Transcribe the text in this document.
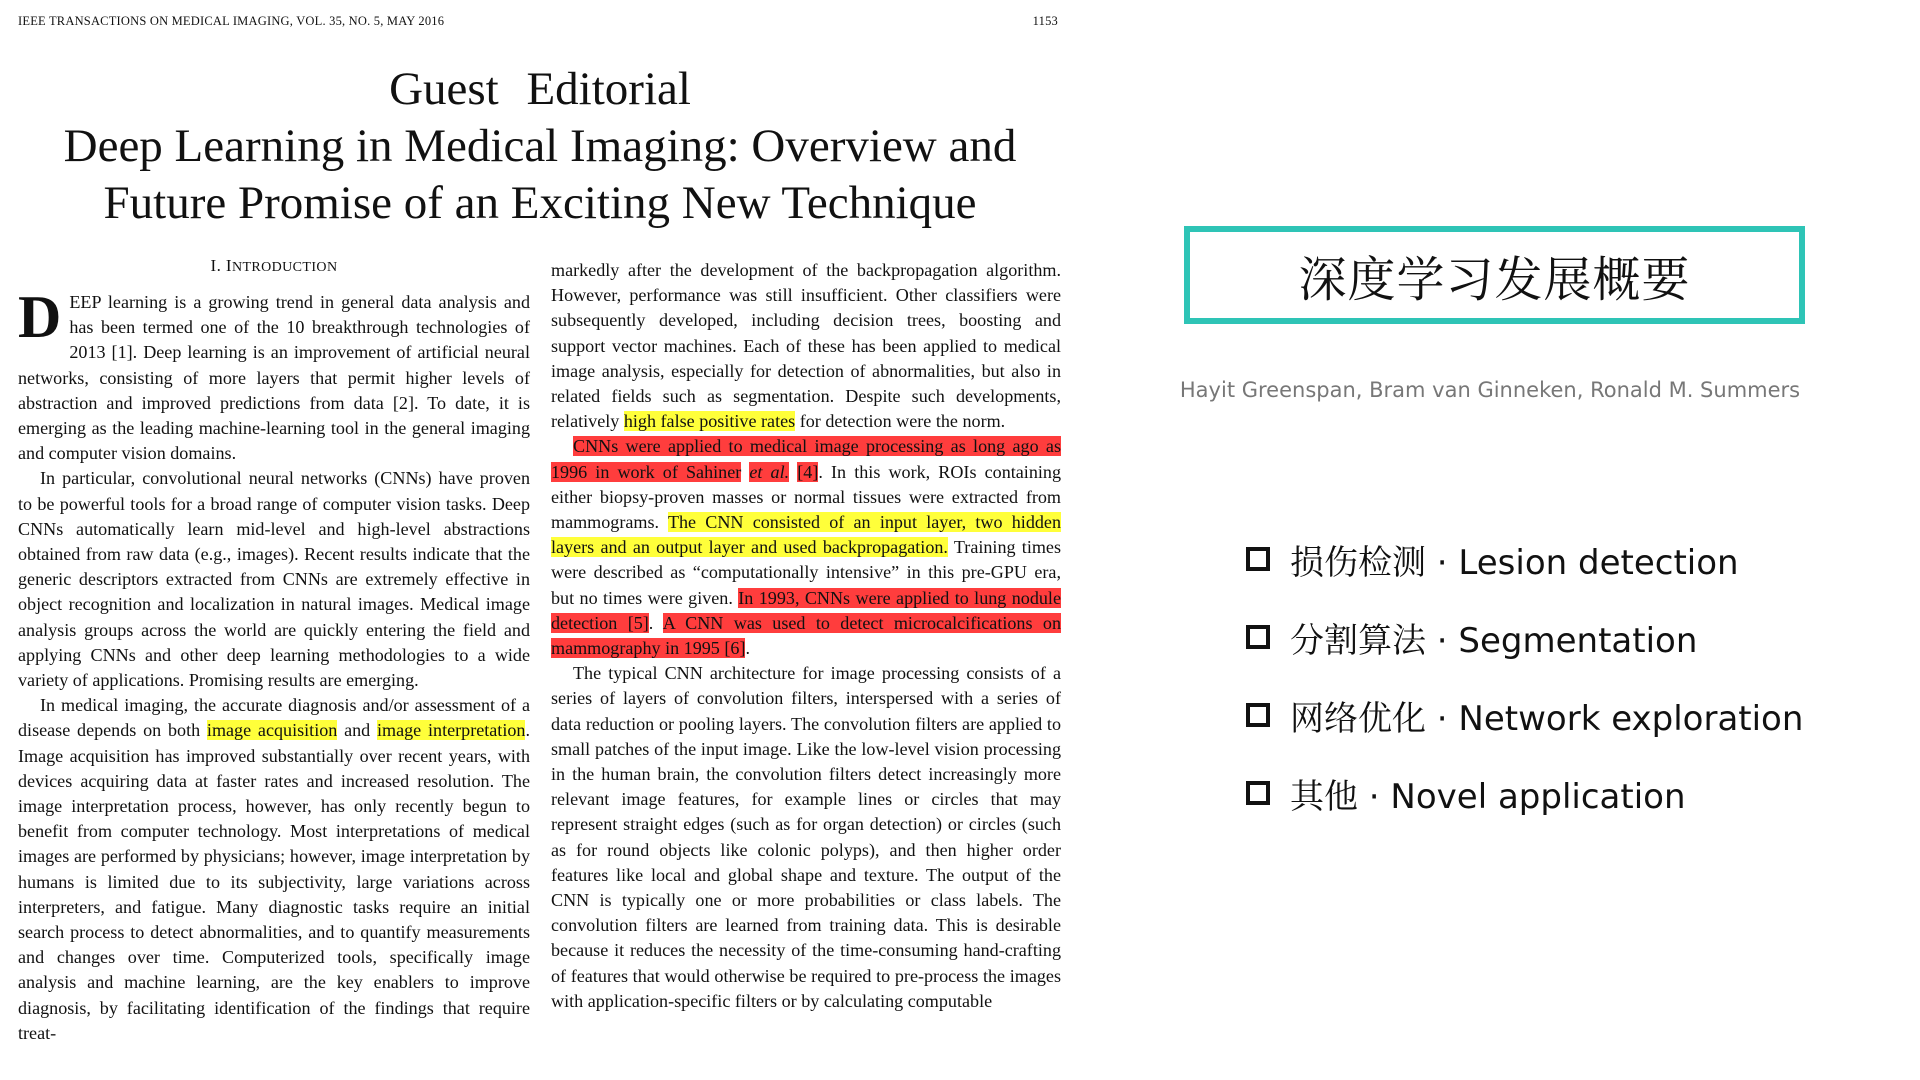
IEEE TRANSACTIONS ON MEDICAL IMAGING, VOL. 35, NO. 5, MAY 2016	1153
Guest Editorial
Deep Learning in Medical Imaging: Overview and
Future Promise of an Exciting New Technique
I. INTRODUCTION

DEEP learning is a growing trend in general data analysis and has been termed one of the 10 breakthrough technologies of 2013 [1]. Deep learning is an improvement of artificial neural networks, consisting of more layers that permit higher levels of abstraction and improved predictions from data [2]. To date, it is emerging as the leading machine-learning tool in the general imaging and computer vision domains.

In particular, convolutional neural networks (CNNs) have proven to be powerful tools for a broad range of computer vision tasks. Deep CNNs automatically learn mid-level and high-level abstractions obtained from raw data (e.g., images). Recent results indicate that the generic descriptors extracted from CNNs are extremely effective in object recognition and localization in natural images. Medical image analysis groups across the world are quickly entering the field and applying CNNs and other deep learning methodologies to a wide variety of applications. Promising results are emerging.

In medical imaging, the accurate diagnosis and/or assessment of a disease depends on both image acquisition and image interpretation. Image acquisition has improved substantially over recent years, with devices acquiring data at faster rates and increased resolution. The image interpretation process, however, has only recently begun to benefit from computer technology. Most interpretations of medical images are performed by physicians; however, image interpretation by humans is limited due to its subjectivity, large variations across interpreters, and fatigue. Many diagnostic tasks require an initial search process to detect abnormalities, and to quantify measurements and changes over time. Computerized tools, specifically image analysis and machine learning, are the key enablers to improve diagnosis, by facilitating identification of the findings that require treat-

markedly after the development of the backpropagation algorithm. However, performance was still insufficient. Other classifiers were subsequently developed, including decision trees, boosting and support vector machines. Each of these has been applied to medical image analysis, especially for detection of abnormalities, but also in related fields such as segmentation. Despite such developments, relatively high false positive rates for detection were the norm.

CNNs were applied to medical image processing as long ago as 1996 in work of Sahiner et al. [4]. In this work, ROIs containing either biopsy-proven masses or normal tissues were extracted from mammograms. The CNN consisted of an input layer, two hidden layers and an output layer and used backpropagation. Training times were described as “computationally intensive” in this pre-GPU era, but no times were given. In 1993, CNNs were applied to lung nodule detection [5]. A CNN was used to detect microcalcifications on mammography in 1995 [6].

The typical CNN architecture for image processing consists of a series of layers of convolution filters, interspersed with a series of data reduction or pooling layers. The convolution filters are applied to small patches of the input image. Like the low-level vision processing in the human brain, the convolution filters detect increasingly more relevant image features, for example lines or circles that may represent straight edges (such as for organ detection) or circles (such as for round objects like colonic polyps), and then higher order features like local and global shape and texture. The output of the CNN is typically one or more probabilities or class labels. The convolution filters are learned from training data. This is desirable because it reduces the necessity of the time-consuming hand-crafting of features that would otherwise be required to pre-process the images with application-specific filters or by calculating computable

深度学习发展概要
Hayit Greenspan, Bram van Ginneken, Ronald M. Summers
损伤检测 · Lesion detection
分割算法 · Segmentation
网络优化 · Network exploration
其他 · Novel application
